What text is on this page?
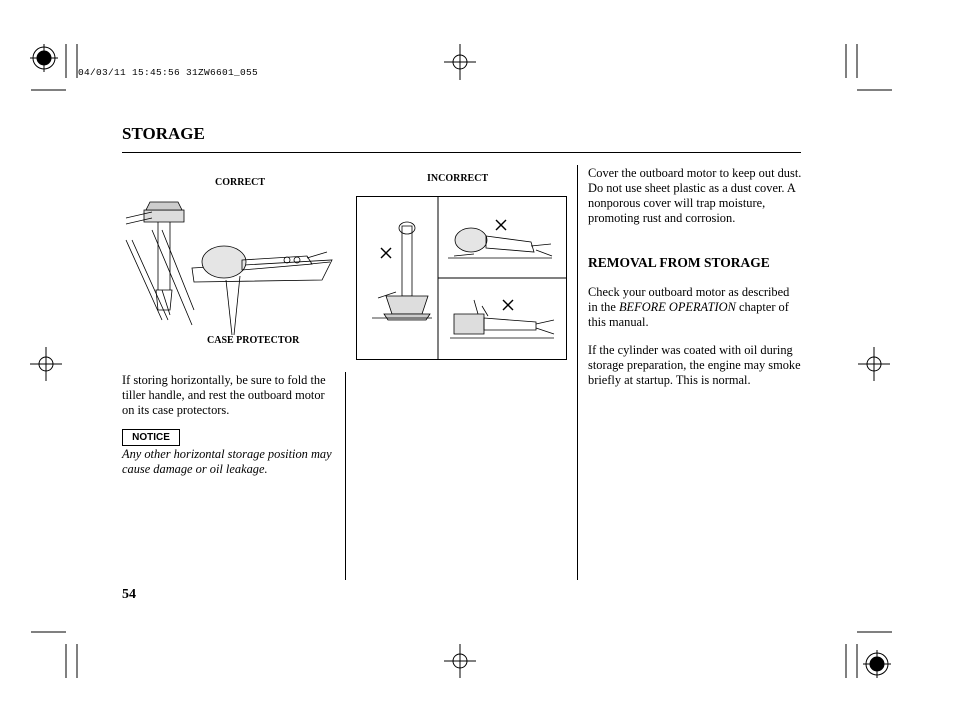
04/03/11 15:45:56 31ZW6601_055
STORAGE
CORRECT
CASE PROTECTOR
INCORRECT
If storing horizontally, be sure to fold the tiller handle, and rest the outboard motor on its case protectors.
NOTICE
Any other horizontal storage position may cause damage or oil leakage.
Cover the outboard motor to keep out dust. Do not use sheet plastic as a dust cover. A nonporous cover will trap moisture, promoting rust and corrosion.
REMOVAL FROM STORAGE
Check your outboard motor as described in the BEFORE OPERATION chapter of this manual.
If the cylinder was coated with oil during storage preparation, the engine may smoke briefly at startup. This is normal.
54
